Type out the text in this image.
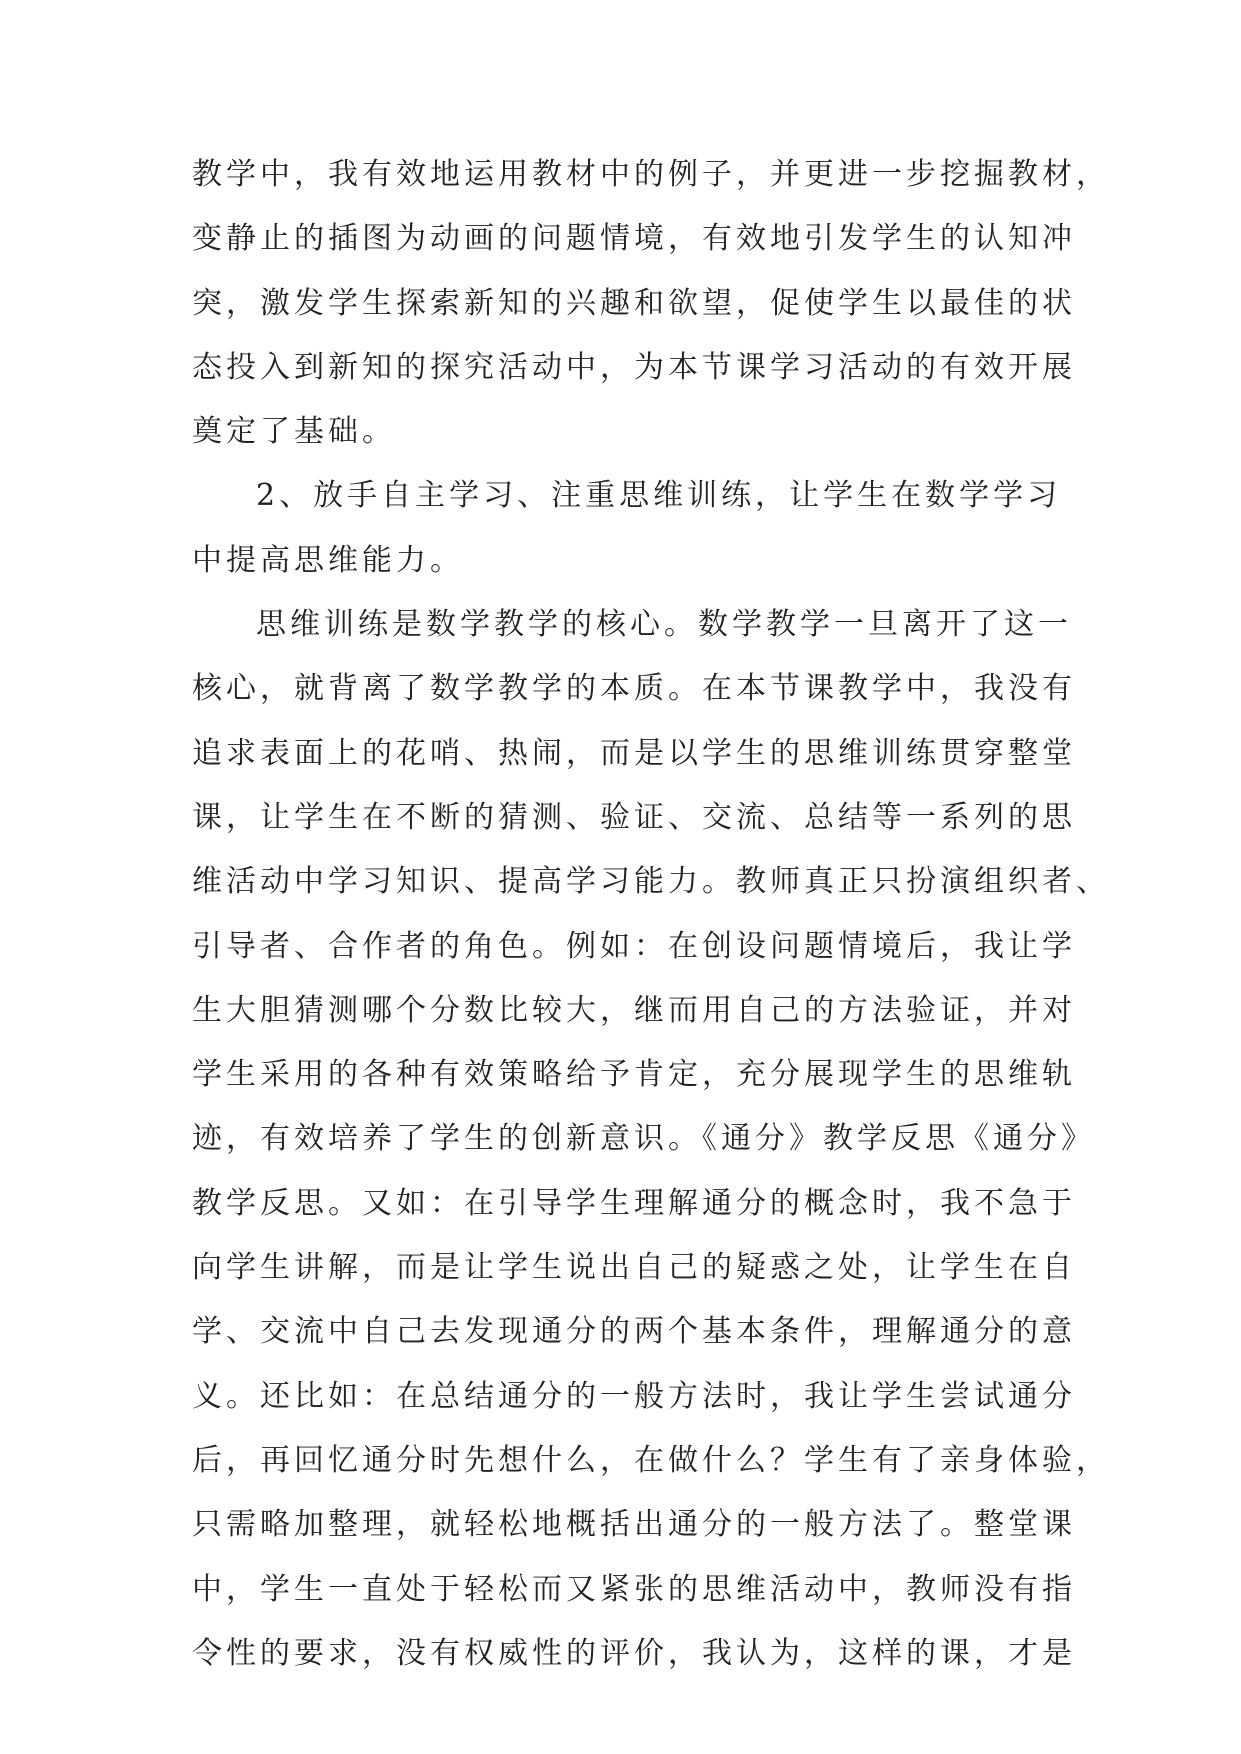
教学中，我有效地运用教材中的例子，并更进一步挖掘教材，
变静止的插图为动画的问题情境，有效地引发学生的认知冲
突，激发学生探索新知的兴趣和欲望，促使学生以最佳的状
态投入到新知的探究活动中，为本节课学习活动的有效开展
奠定了基础。
2、放手自主学习、注重思维训练，让学生在数学学习
中提高思维能力。
思维训练是数学教学的核心。数学教学一旦离开了这一
核心，就背离了数学教学的本质。在本节课教学中，我没有
追求表面上的花哨、热闹，而是以学生的思维训练贯穿整堂
课，让学生在不断的猜测、验证、交流、总结等一系列的思
维活动中学习知识、提高学习能力。教师真正只扮演组织者、
引导者、合作者的角色。例如：在创设问题情境后，我让学
生大胆猜测哪个分数比较大，继而用自己的方法验证，并对
学生采用的各种有效策略给予肯定，充分展现学生的思维轨
迹，有效培养了学生的创新意识。《通分》教学反思《通分》
教学反思。又如：在引导学生理解通分的概念时，我不急于
向学生讲解，而是让学生说出自己的疑惑之处，让学生在自
学、交流中自己去发现通分的两个基本条件，理解通分的意
义。还比如：在总结通分的一般方法时，我让学生尝试通分
后，再回忆通分时先想什么，在做什么？学生有了亲身体验，
只需略加整理，就轻松地概括出通分的一般方法了。整堂课
中，学生一直处于轻松而又紧张的思维活动中，教师没有指
令性的要求，没有权威性的评价，我认为，这样的课，才是
